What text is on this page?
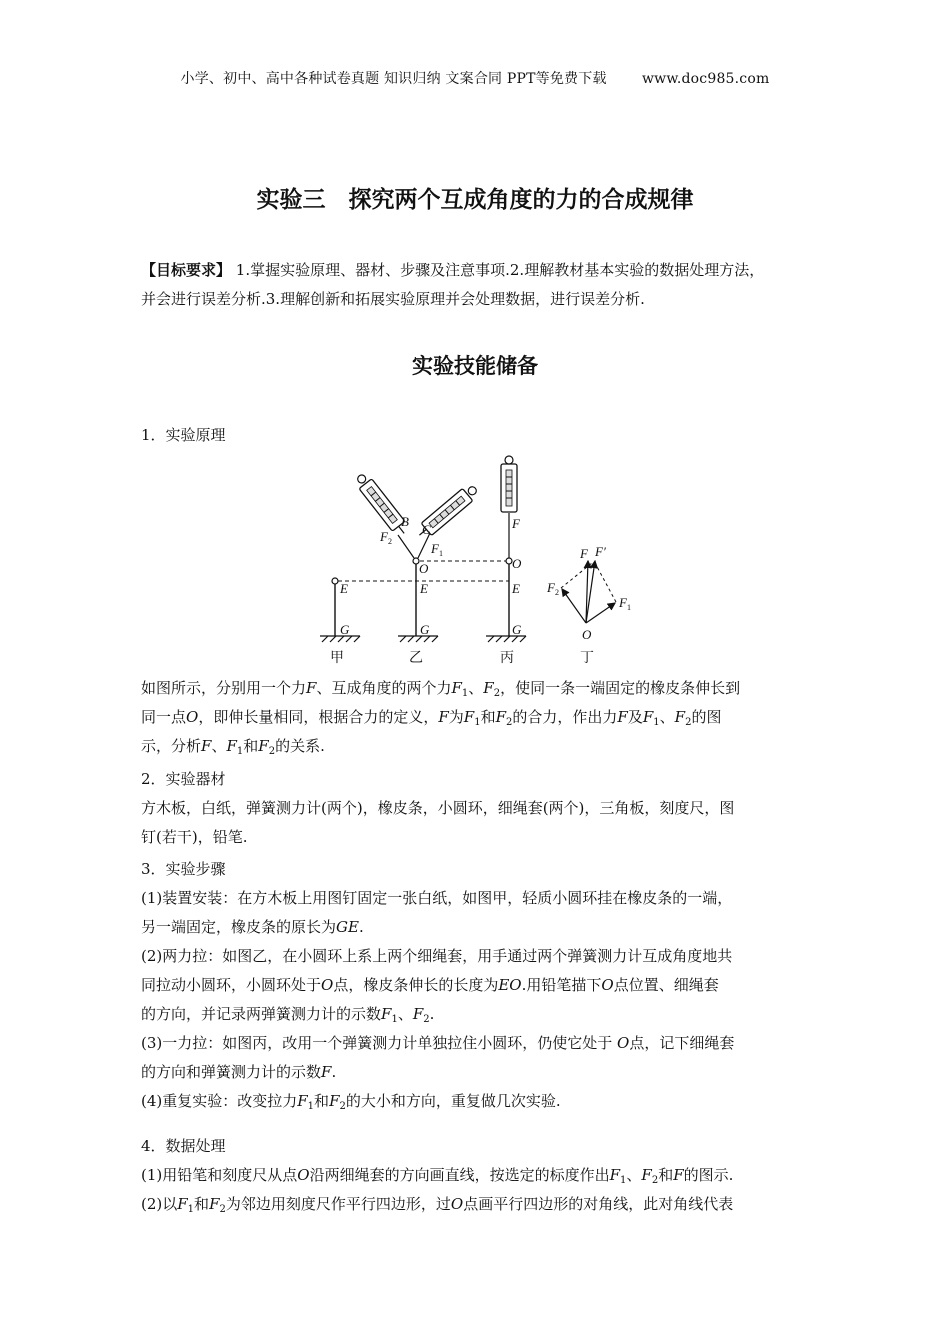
小学、初中、高中各种试卷真题 知识归纳 文案合同 PPT等免费下载	www.doc985.com
实验三　探究两个互成角度的力的合成规律
【目标要求】 1.掌握实验原理、器材、步骤及注意事项.2.理解教材基本实验的数据处理方法，
并会进行误差分析.3.理解创新和拓展实验原理并会处理数据，进行误差分析.
实验技能储备
1．实验原理
E
G
E
G
O
B
C
$F_2$	$F_1$
E
G
O
F
O
$F_2$
$F_1$
F F′
甲	乙	丙	丁
如图所示，分别用一个力F、互成角度的两个力$F_1$、$F_2$，使同一条一端固定的橡皮条伸长到
同一点O，即伸长量相同，根据合力的定义，F为$F_1$和$F_2$的合力，作出力F及$F_1$、$F_2$的图
示，分析F、$F_1$和$F_2$的关系.
2．实验器材
方木板，白纸，弹簧测力计(两个)，橡皮条，小圆环，细绳套(两个)，三角板，刻度尺，图
钉(若干)，铅笔.
3．实验步骤
(1)装置安装：在方木板上用图钉固定一张白纸，如图甲，轻质小圆环挂在橡皮条的一端，
另一端固定，橡皮条的原长为GE.
(2)两力拉：如图乙，在小圆环上系上两个细绳套，用手通过两个弹簧测力计互成角度地共
同拉动小圆环，小圆环处于O点，橡皮条伸长的长度为EO.用铅笔描下O点位置、细绳套
的方向，并记录两弹簧测力计的示数$F_1$、$F_2$.
(3)一力拉：如图丙，改用一个弹簧测力计单独拉住小圆环，仍使它处于 O点，记下细绳套
的方向和弹簧测力计的示数F.
(4)重复实验：改变拉力$F_1$和$F_2$的大小和方向，重复做几次实验.
4．数据处理
(1)用铅笔和刻度尺从点O沿两细绳套的方向画直线，按选定的标度作出$F_1$、$F_2$和F的图示.
(2)以$F_1$和$F_2$为邻边用刻度尺作平行四边形，过O点画平行四边形的对角线，此对角线代表
